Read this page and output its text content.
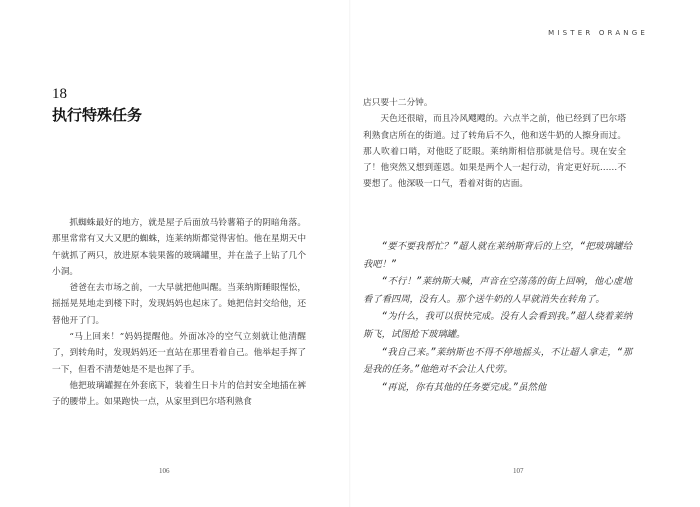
18
执行特殊任务

抓蜘蛛最好的地方，就是屋子后面放马铃薯箱子的阴暗角落。那里常常有又大又肥的蜘蛛，连莱纳斯都觉得害怕。他在星期天中午就抓了两只，放进原本装果酱的玻璃罐里，并在盖子上钻了几个小洞。

爸爸在去市场之前，一大早就把他叫醒。当莱纳斯睡眼惺忪，摇摇晃晃地走到楼下时，发现妈妈也起床了。她把信封交给他，还替他开了门。

“马上回来！”妈妈提醒他。外面冰冷的空气立刻就让他清醒了，到转角时，发现妈妈还一直站在那里看着自己。他举起手挥了一下，但看不清楚她是不是也挥了手。

他把玻璃罐握在外套底下，装着生日卡片的信封安全地插在裤子的腰带上。如果跑快一点，从家里到巴尔塔利熟食

106
MISTER ORANGE

店只要十二分钟。

天色还很暗，而且冷风飕飕的。六点半之前，他已经到了巴尔塔利熟食店所在的街道。过了转角后不久，他和送牛奶的人擦身而过。那人吹着口哨，对他眨了眨眼。莱纳斯相信那就是信号。现在安全了！他突然又想到莲恩。如果是两个人一起行动，肯定更好玩……不要想了。他深吸一口气，看着对街的店面。

“要不要我帮忙？”超人就在莱纳斯背后的上空，“把玻璃罐给我吧！”

“不行！”莱纳斯大喊，声音在空荡荡的街上回响，他心虚地看了看四周，没有人。那个送牛奶的人早就消失在转角了。

“为什么，我可以很快完成。没有人会看到我。”超人绕着莱纳斯飞，试图抢下玻璃罐。

“我自己来。”莱纳斯也不得不停地摇头，不让超人拿走，“那是我的任务。”他绝对不会让人代劳。

“再说，你有其他的任务要完成。”虽然他

107
